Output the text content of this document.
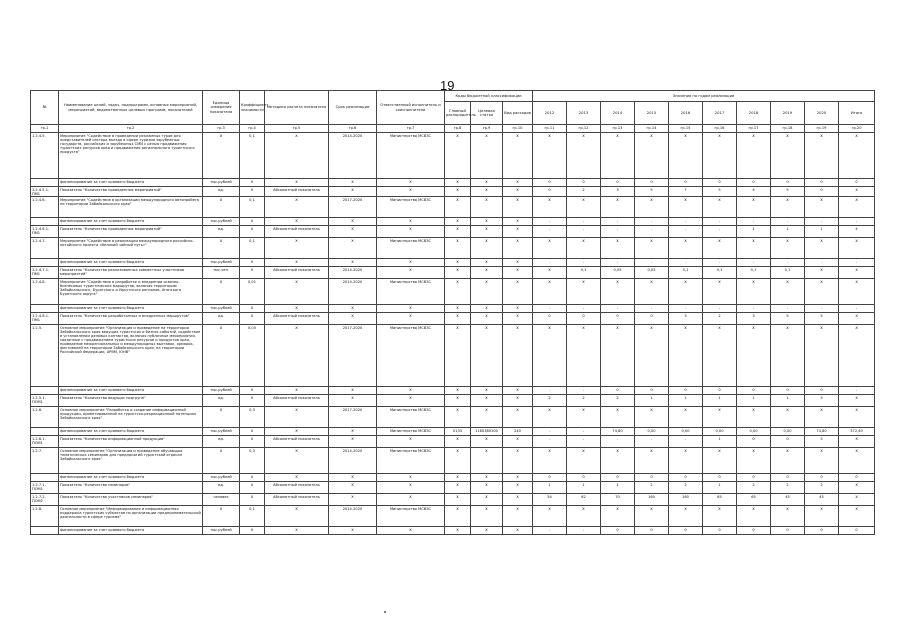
19
№	Наименование целей, задач, подпрограмм, основных мероприятий, мероприятий, ведомственных целевых программ, показателей	Единица измерения показателя	Коэффициент значимости	Методика расчета показателя	Срок реализации	Ответственный исполнитель и соисполнители	Коды бюджетной классификации			Значения по годам реализации									
							Главный распорядитель	Целевая статья	Вид расходов	2012	2013	2014	2015	2016	2017	2018	2019	2020	Итого
гр.1	гр.2	гр.3	гр.4	гр.5	гр.6	гр.7	гр.8	гр.9	гр.10	гр.11	гр.12	гр.13	гр.14	гр.15	гр.16	гр.17	гр.18	гр.19	гр.20
1.2.4.5.	Мероприятие "Содействие в проведении рекламных туров для представителей сектора въезда в сфере туризма зарубежных государств, российских и зарубежных СМИ с целью продвижения туристских ресурсов края и продвижения регионального туристского продукта"	X	0,1	X	2014-2020	Министерство МСВЗС	X	X	X	X	X	X	X	X	X	X	X	X	X
	финансирование за счет краевого бюджета	тыс.рублей	X	X	X	X	X	X	X	0	0	0	0	0	0	0	0	0	0
1.2.4.5.1. ПМ1	Показатель "Количество проведенных мероприятий"	ед.	X	Абсолютный показатель	X	X	X	X	X	0	2	3	5	7	5	4	5	0	X
1.2.4.6.	Мероприятие "Содействие в организации международного автопробега по территории Забайкальского края"	X	0,1	X	2017-2020	Министерство МСВЗС	X	X	X	X	X	X	X	X	X	X	X	X	X
	финансирование за счет краевого бюджета	тыс.рублей	X	X	X	X	X	X	X	-	-	-	-	-	-	-	-	-	-
1.2.4.6.1. ПМ1	Показатель "Количество проведенных мероприятий"	ед.	X	Абсолютный показатель	X	X	X	X	X	-	-	-	-	-	-	1	1	1	4
1.2.4.7.	Мероприятие "Содействие в реализации международного российско-китайского проекта «Великий чайный путь»"	X	0,1	X	X	Министерство МСВЗС	X	X	X	X	X	X	X	X	X	X	X	X	X
	финансирование за счет краевого бюджета	тыс.рублей	X	X	X	X	X	X	X	-	-	-	-	-	-	-	-	-	-
1.2.4.7.1. ПМ1	Показатель "Количество реализованных совместных участников мероприятий"	тыс.чел.	X	Абсолютный показатель	2014-2020	X	X	X	X	X	0,1	0,05	0,05	0,1	0,1	0,1	0,1	X	X
1.2.4.8.	Мероприятие "Содействие в разработке и внедрении сквозно-бизнесовых туристических маршрутов, включая территорию Забайкальского, Бурятского и Иркутского регионов, Агинского Бурятского округа"	X	0,01	X	2014-2020	Министерство МСВЗС	X	X	X	X	X	X	X	X	X	X	X	X	X
	финансирование за счет краевого бюджета	тыс.рублей	X	X	X	X	X	X	X	-	-	-	-	-	-	-	-	-	-
1.2.4.8.1. ПМ1	Показатель "Количество разработанных и внедренных маршрутов"	ед.	X	Абсолютный показатель	X	X	X	X	X	0	0	0	0	3	2	3	5	5	X
1.2.5.	Основное мероприятие "Организация и проведение на территории Забайкальского края ведущих туристских и бизнес-событий, содействие в установлении деловых контактов, включая публичные мероприятия, связанные с продвижением туристских ресурсов и продуктов края, проведение межрегиональных и международных выставок, ярмарок, фестивалей на территории Забайкальского края, на территории Российской Федерации, АРВМ, ЮНВ"	X	0,05	X	2017-2020	Министерство МСВЗС	X	X	X	X	X	X	X	X	X	X	X	X	X
	финансирование за счет краевого бюджета	тыс.рублей	X	X	X	X	X	X	X	-	-	0	0	0	0	0	0	0	-
1.2.5.1. ПОМ1	Показатель "Количество ведущих подгрупп"	ед.	X	Абсолютный показатель	X	X	X	X	X	2	2	2	1	1	1	1	1	3	X
1.2.6.	Основное мероприятие "Разработка и создание информационной продукции, ориентированной на туристско-рекреационный потенциал Забайкальского края"	X	0,3	X	2017-2020	Министерство МСВЗС	X	X	X	X	X	X	X	X	X	X	X	X	X
	финансирование за счет краевого бюджета	тыс.рублей	X	X	X	Министерство МСВЗС	0133	1160380100	240	-	-	74,80	0,00	0,00	0,00	0,00	0,00	74,80	372,40
1.2.6.1. ПОМ1	Показатель "Количество информационной продукции"	ед.	X	Абсолютный показатель	X	X	X	X	X	-	-	-	-	-	1	0	0	5	X
1.2.7.	Основное мероприятие "Организация и проведение обучающих тематических семинаров для предприятий туристской отрасли Забайкальского края"	X	0,3	X	2014-2020	Министерство МСВЗС	X	X	X	X	X	X	X	X	X	X	X	X	X
	финансирование за счет краевого бюджета	тыс.рублей	X	X	X	X	X	X	X	0	0	0	0	0	0	0	0	0	0
1.2.7.1. ПОМ1	Показатель "Количество семинаров"	ед.	X	Абсолютный показатель	X	X	X	X	X	1	1	1	2	2	1	2	2	2	X
1.2.7.2. ПОМ2	Показатель "Количество участников семинаров"	человек	X	Абсолютный показатель	X	X	X	X	X	54	62	70	160	160	65	65	45	45	X
1.2.8.	Основное мероприятие "Информирование и информационная поддержка туристских субъектов по организации предпринимательской деятельности в сфере туризма"	X	0,1	X	2014-2020	Министерство МСВЗС	X	X	X	X	X	X	X	X	X	X	X	X	X
	финансирование за счет краевого бюджета	тыс.рублей	X	X	X	X	X	X	X	-	-	0	0	0	0	0	0	0	0
